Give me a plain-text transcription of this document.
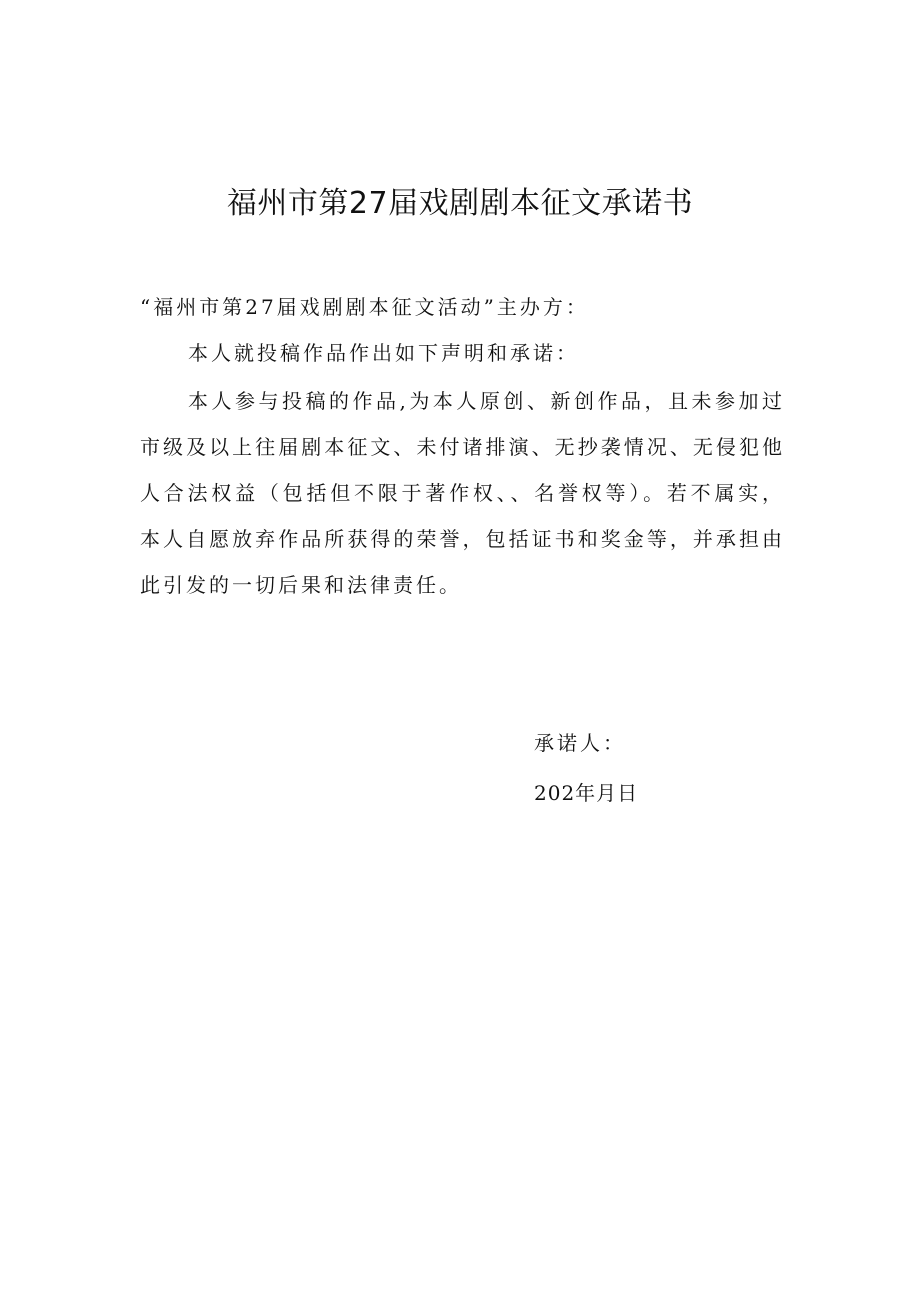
福州市第27届戏剧剧本征文承诺书

“福州市第27届戏剧剧本征文活动”主办方：

本人就投稿作品作出如下声明和承诺：

本人参与投稿的作品,为本人原创、新创作品，且未参加过市级及以上往届剧本征文、未付诸排演、无抄袭情况、无侵犯他人合法权益（包括但不限于著作权、、名誉权等）。若不属实，本人自愿放弃作品所获得的荣誉，包括证书和奖金等，并承担由此引发的一切后果和法律责任。

承诺人：

202年月日
